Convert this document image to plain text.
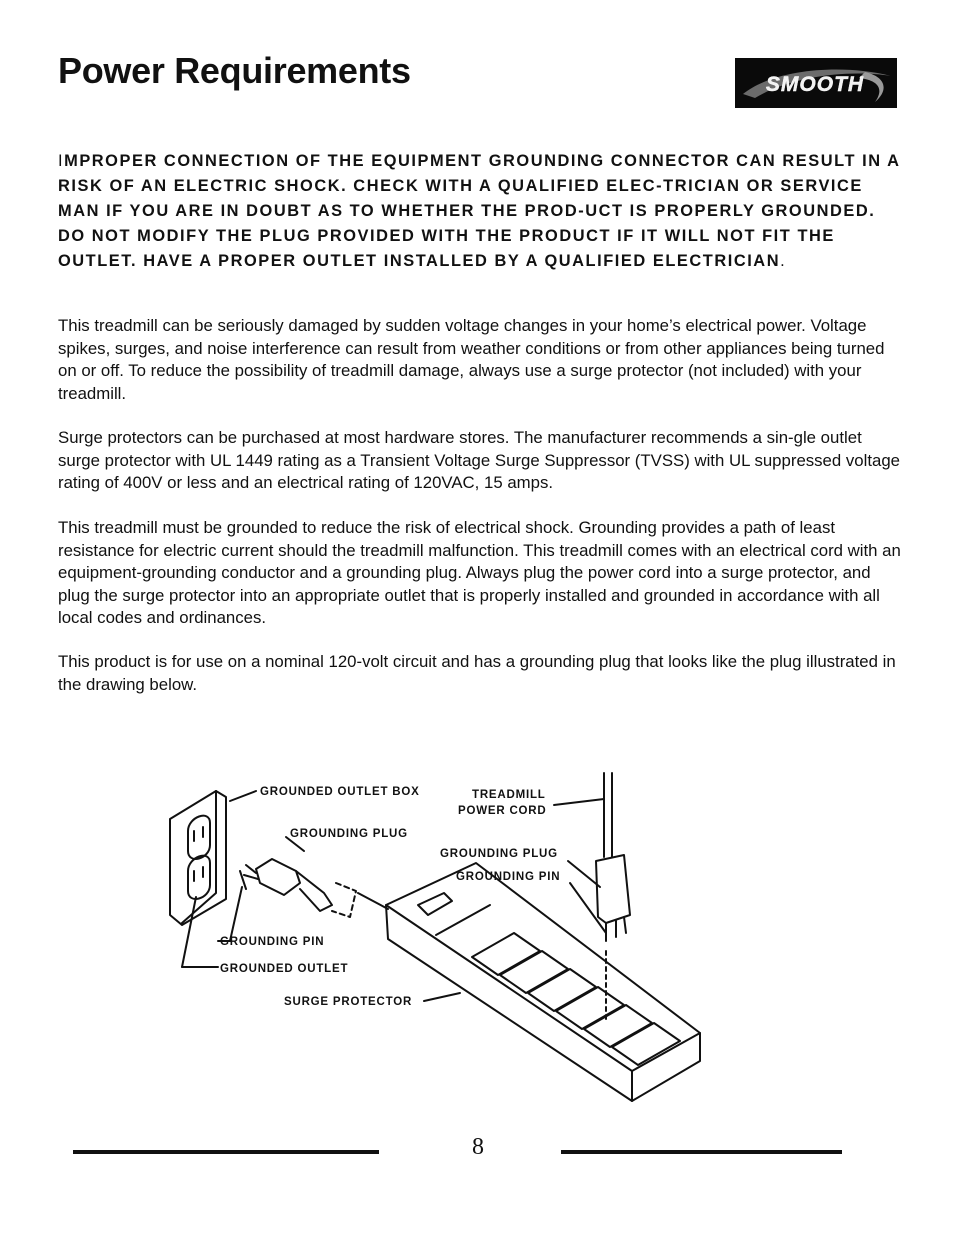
Power Requirements	SMOOTH

IMPROPER CONNECTION OF THE EQUIPMENT GROUNDING CONNECTOR CAN RESULT IN A RISK OF AN ELECTRIC SHOCK. CHECK WITH A QUALIFIED ELEC-TRICIAN OR SERVICE MAN IF YOU ARE IN DOUBT AS TO WHETHER THE PROD-UCT IS PROPERLY GROUNDED. DO NOT MODIFY THE PLUG PROVIDED WITH THE PRODUCT IF IT WILL NOT FIT THE OUTLET. HAVE A PROPER OUTLET INSTALLED BY A QUALIFIED ELECTRICIAN.

This treadmill can be seriously damaged by sudden voltage changes in your home’s electrical power. Voltage spikes, surges, and noise interference can result from weather conditions or from other appliances being turned on or off. To reduce the possibility of treadmill damage, always use a surge protector (not included) with your treadmill.

Surge protectors can be purchased at most hardware stores. The manufacturer recommends a sin-gle outlet surge protector with UL 1449 rating as a Transient Voltage Surge Suppressor (TVSS) with UL suppressed voltage rating of 400V or less and an electrical rating of 120VAC, 15 amps.

This treadmill must be grounded to reduce the risk of electrical shock. Grounding provides a path of least resistance for electric current should the treadmill malfunction. This treadmill comes with an electrical cord with an equipment-grounding conductor and a grounding plug. Always plug the power cord into a surge protector, and plug the surge protector into an appropriate outlet that is properly installed and grounded in accordance with all local codes and ordinances.

This product is for use on a nominal 120-volt circuit and has a grounding plug that looks like the plug illustrated in the drawing below.

GROUNDED OUTLET BOX
GROUNDING PLUG
GROUNDING PIN
GROUNDED OUTLET
SURGE PROTECTOR
TREADMILL
POWER CORD
GROUNDING PLUG
GROUNDING PIN
8
